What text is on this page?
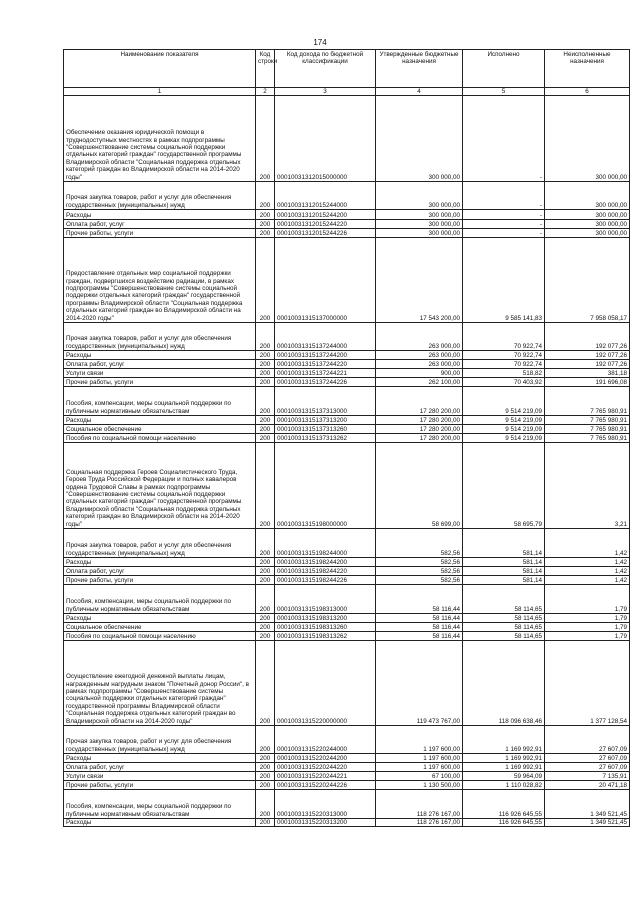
174
Наименование показателя	Код строки	Код дохода по бюджетной классификации	Утвержденные бюджетные назначения	Исполнено	Неисполненные назначения
1	2	3	4	5	6
Обеспечение оказания юридической помощи в труднодоступных местностях в рамках подпрограммы "Совершенствование системы социальной поддержки отдельных категорий граждан" государственной программы Владимирской области "Социальная поддержка отдельных категорий граждан во Владимирской области на 2014-2020 годы"	200	00010031312015000000	300 000,00	-	300 000,00
Прочая закупка товаров, работ и услуг для обеспечения государственных (муниципальных) нужд	200	00010031312015244000	300 000,00	-	300 000,00
Расходы	200	00010031312015244200	300 000,00	-	300 000,00
Оплата работ, услуг	200	00010031312015244220	300 000,00	-	300 000,00
Прочие работы, услуги	200	00010031312015244226	300 000,00	-	300 000,00
Предоставление отдельных мер социальной поддержки граждан, подвергшихся воздействию радиации, в рамках подпрограммы "Совершенствование системы социальной поддержки отдельных категорий граждан" государственной программы Владимирской области "Социальная поддержка отдельных категорий граждан во Владимирской области на 2014-2020 годы"	200	00010031315137000000	17 543 200,00	9 585 141,83	7 958 058,17
Прочая закупка товаров, работ и услуг для обеспечения государственных (муниципальных) нужд	200	00010031315137244000	263 000,00	70 922,74	192 077,26
Расходы	200	00010031315137244200	263 000,00	70 922,74	192 077,26
Оплата работ, услуг	200	00010031315137244220	263 000,00	70 922,74	192 077,26
Услуги связи	200	00010031315137244221	900,00	518,82	381,18
Прочие работы, услуги	200	00010031315137244226	262 100,00	70 403,92	191 696,08
Пособия, компенсации, меры социальной поддержки по публичным нормативным обязательствам	200	00010031315137313000	17 280 200,00	9 514 219,09	7 765 980,91
Расходы	200	00010031315137313200	17 280 200,00	9 514 219,09	7 765 980,91
Социальное обеспечение	200	00010031315137313260	17 280 200,00	9 514 219,09	7 765 980,91
Пособия по социальной помощи населению	200	00010031315137313262	17 280 200,00	9 514 219,09	7 765 980,91
Социальная поддержка Героев Социалистического Труда, Героев Труда Российской Федерации и полных кавалеров ордена Трудовой Славы в рамках подпрограммы "Совершенствование системы социальной поддержки отдельных категорий граждан" государственной программы Владимирской области "Социальная поддержка отдельных категорий граждан во Владимирской области на 2014-2020 годы"	200	00010031315198000000	58 699,00	58 695,79	3,21
Прочая закупка товаров, работ и услуг для обеспечения государственных (муниципальных) нужд	200	00010031315198244000	582,56	581,14	1,42
Расходы	200	00010031315198244200	582,56	581,14	1,42
Оплата работ, услуг	200	00010031315198244220	582,56	581,14	1,42
Прочие работы, услуги	200	00010031315198244226	582,56	581,14	1,42
Пособия, компенсации, меры социальной поддержки по публичным нормативным обязательствам	200	00010031315198313000	58 116,44	58 114,65	1,79
Расходы	200	00010031315198313200	58 116,44	58 114,65	1,79
Социальное обеспечение	200	00010031315198313260	58 116,44	58 114,65	1,79
Пособия по социальной помощи населению	200	00010031315198313262	58 116,44	58 114,65	1,79
Осуществление ежегодной денежной выплаты лицам, награжденным нагрудным знаком "Почетный донор России", в рамках подпрограммы "Совершенствование системы социальной поддержки отдельных категорий граждан" государственной программы Владимирской области "Социальная поддержка отдельных категорий граждан во Владимирской области на 2014-2020 годы"	200	00010031315220000000	119 473 767,00	118 096 638,46	1 377 128,54
Прочая закупка товаров, работ и услуг для обеспечения государственных (муниципальных) нужд	200	00010031315220244000	1 197 600,00	1 169 992,91	27 607,09
Расходы	200	00010031315220244200	1 197 600,00	1 169 992,91	27 607,09
Оплата работ, услуг	200	00010031315220244220	1 197 600,00	1 169 992,91	27 607,09
Услуги связи	200	00010031315220244221	67 100,00	59 964,09	7 135,91
Прочие работы, услуги	200	00010031315220244226	1 130 500,00	1 110 028,82	20 471,18
Пособия, компенсации, меры социальной поддержки по публичным нормативным обязательствам	200	00010031315220313000	118 276 167,00	116 926 645,55	1 349 521,45
Расходы	200	00010031315220313200	118 276 167,00	116 926 645,55	1 349 521,45
